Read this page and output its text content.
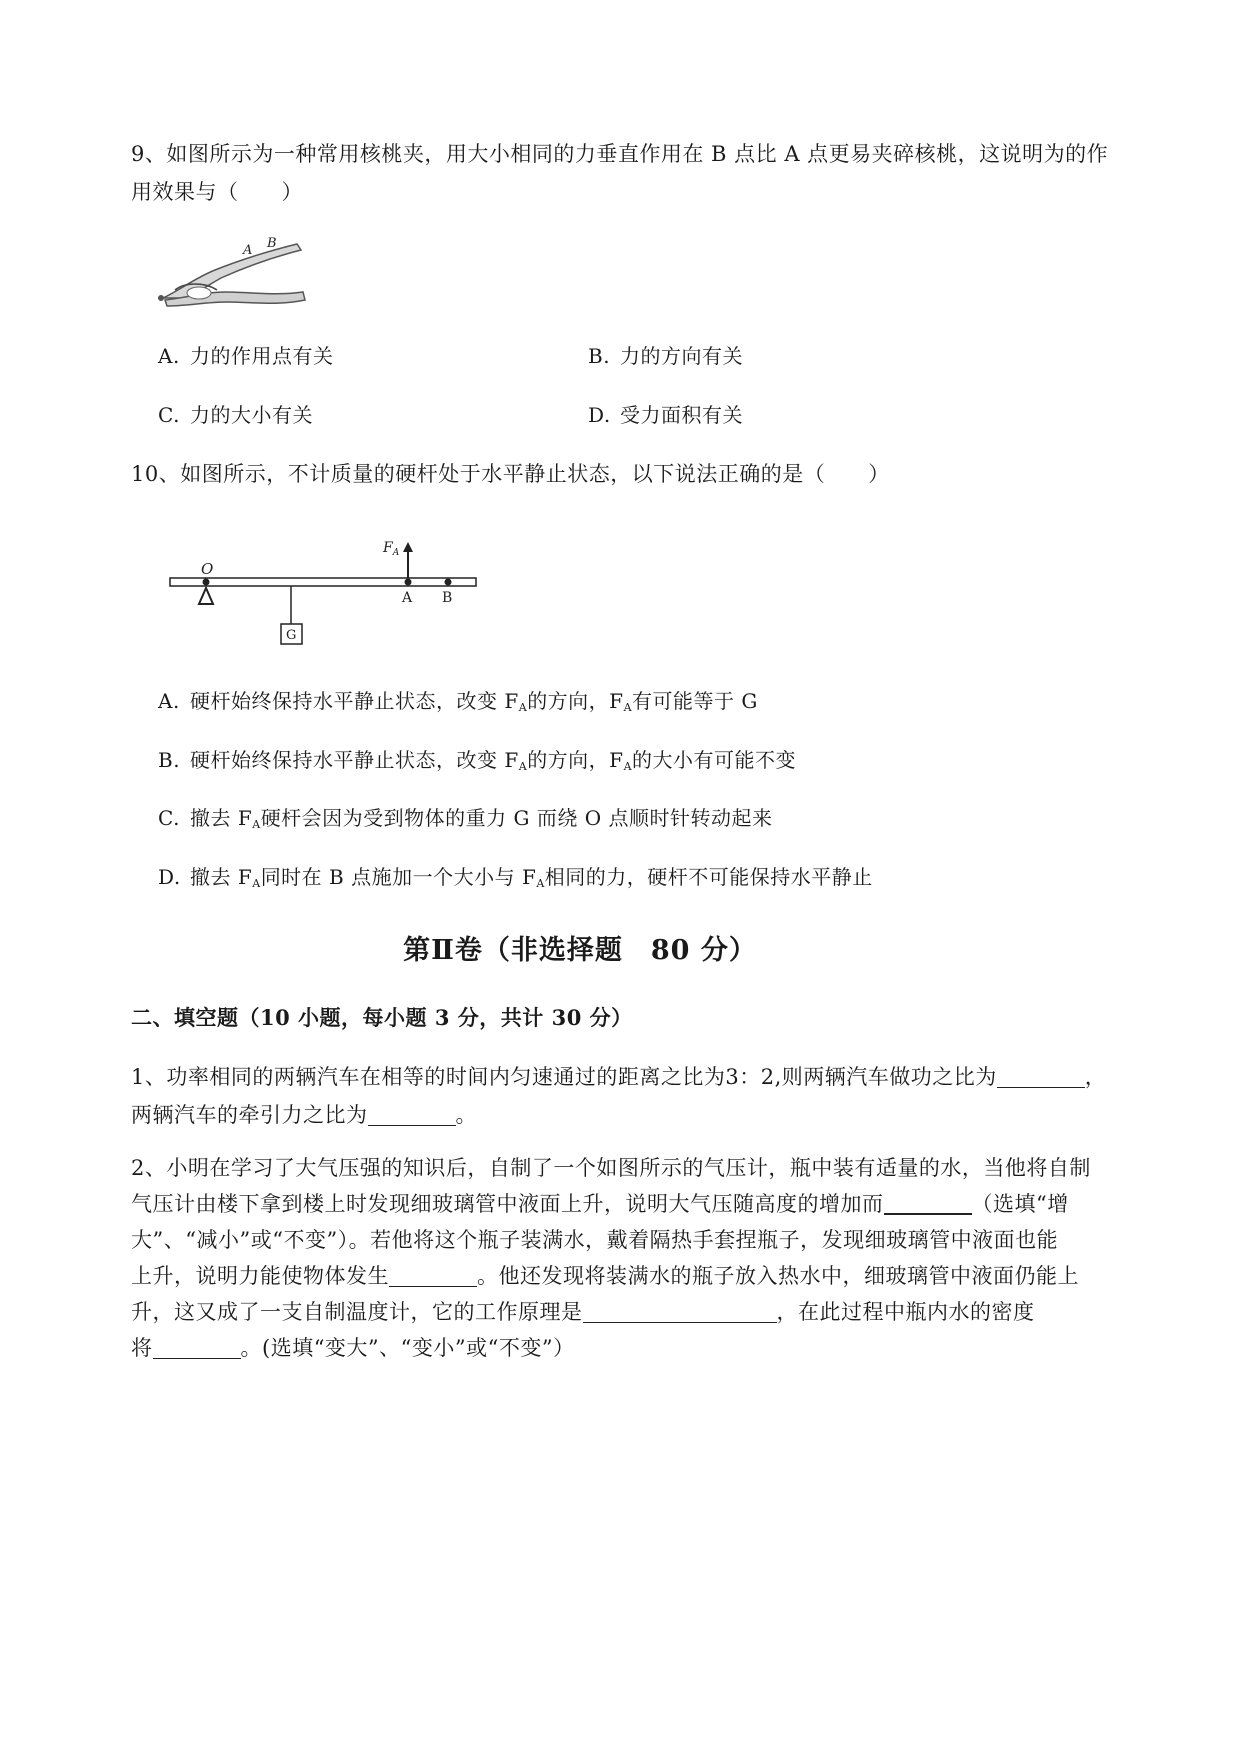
9、如图所示为一种常用核桃夹，用大小相同的力垂直作用在 B 点比 A 点更易夹碎核桃，这说明为的作
用效果与（　　）
A B
A. 力的作用点有关	B. 力的方向有关
C. 力的大小有关	D. 受力面积有关
10、如图所示，不计质量的硬杆处于水平静止状态，以下说法正确的是（　　）
O
G
$F_A$
A B
A. 硬杆始终保持水平静止状态，改变 $F_A$的方向，$F_A$有可能等于 G
B. 硬杆始终保持水平静止状态，改变 $F_A$的方向，$F_A$的大小有可能不变
C. 撤去 $F_A$硬杆会因为受到物体的重力 G 而绕 O 点顺时针转动起来
D. 撤去 $F_A$同时在 B 点施加一个大小与 $F_A$相同的力，硬杆不可能保持水平静止
第Ⅱ卷（非选择题　80 分）
二、填空题（10 小题，每小题 3 分，共计 30 分）
1、功率相同的两辆汽车在相等的时间内匀速通过的距离之比为3：2,则两辆汽车做功之比为	，
两辆汽车的牵引力之比为	。
2、小明在学习了大气压强的知识后，自制了一个如图所示的气压计，瓶中装有适量的水，当他将自制
气压计由楼下拿到楼上时发现细玻璃管中液面上升，说明大气压随高度的增加而	（选填“增
大”、“减小”或“不变”）。若他将这个瓶子装满水，戴着隔热手套捏瓶子，发现细玻璃管中液面也能
上升，说明力能使物体发生	。他还发现将装满水的瓶子放入热水中，细玻璃管中液面仍能上
升，这又成了一支自制温度计，它的工作原理是	，在此过程中瓶内水的密度
将	。(选填“变大”、“变小”或“不变”）
